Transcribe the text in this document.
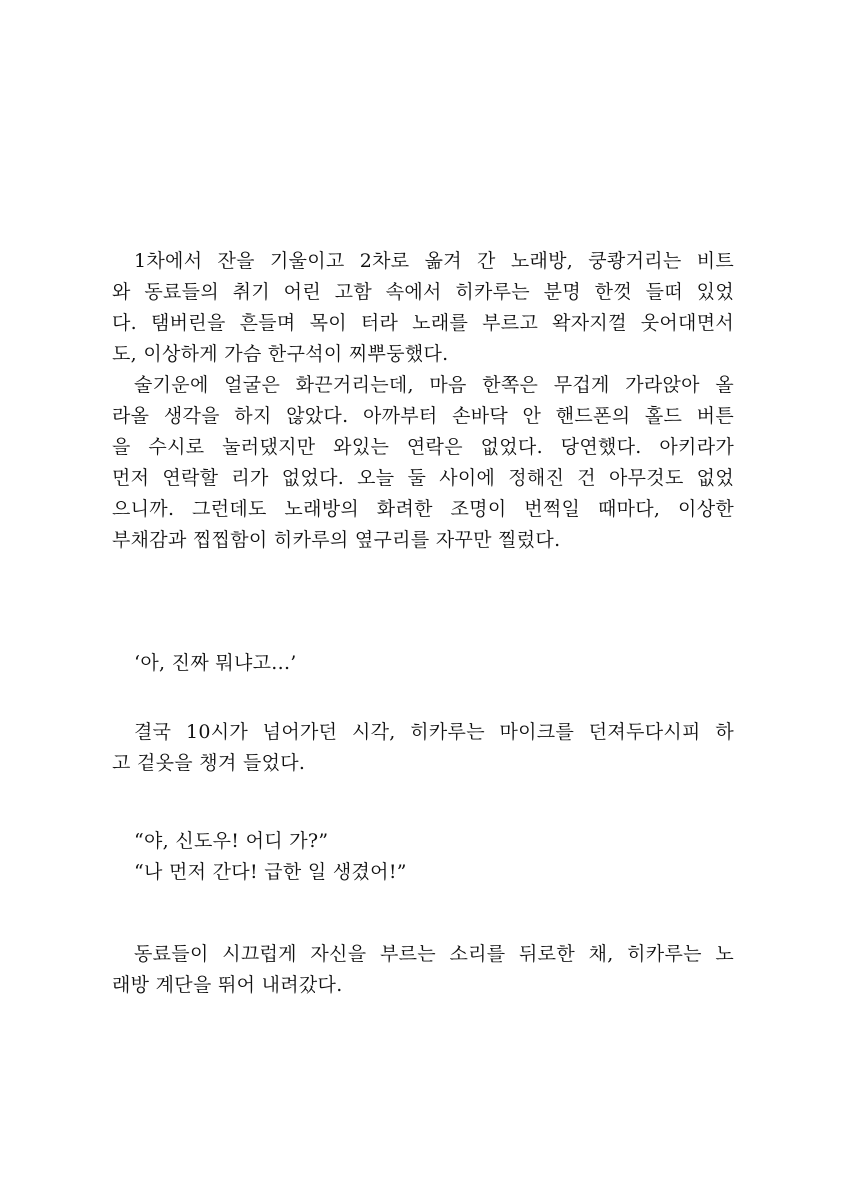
1차에서 잔을 기울이고 2차로 옮겨 간 노래방, 쿵쾅거리는 비트
와 동료들의 취기 어린 고함 속에서 히카루는 분명 한껏 들떠 있었
다. 탬버린을 흔들며 목이 터라 노래를 부르고 왁자지껄 웃어대면서
도, 이상하게 가슴 한구석이 찌뿌둥했다.
술기운에 얼굴은 화끈거리는데, 마음 한쪽은 무겁게 가라앉아 올
라올 생각을 하지 않았다. 아까부터 손바닥 안 핸드폰의 홀드 버튼
을 수시로 눌러댔지만 와있는 연락은 없었다. 당연했다. 아키라가
먼저 연락할 리가 없었다. 오늘 둘 사이에 정해진 건 아무것도 없었
으니까. 그런데도 노래방의 화려한 조명이 번쩍일 때마다, 이상한
부채감과 찝찝함이 히카루의 옆구리를 자꾸만 찔렀다.
‘아, 진짜 뭐냐고...’
결국 10시가 넘어가던 시각, 히카루는 마이크를 던져두다시피 하
고 겉옷을 챙겨 들었다.
“야, 신도우! 어디 가?”
“나 먼저 간다! 급한 일 생겼어!”
동료들이 시끄럽게 자신을 부르는 소리를 뒤로한 채, 히카루는 노
래방 계단을 뛰어 내려갔다.
